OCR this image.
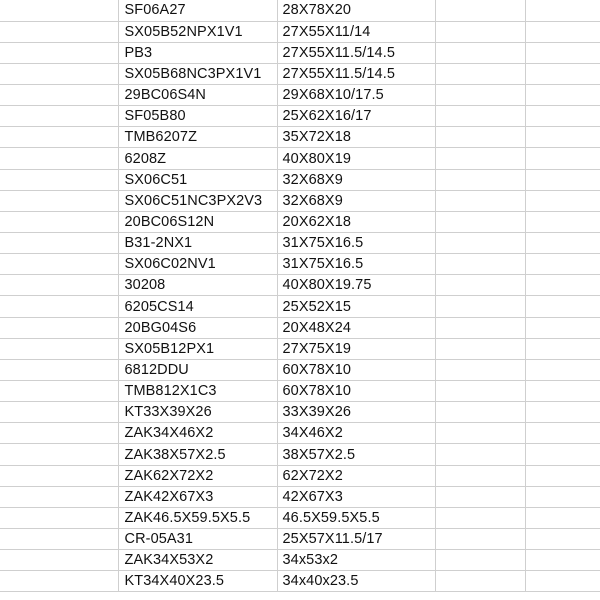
	SF06A27	28X78X20		
	SX05B52NPX1V1	27X55X11/14		
	PB3	27X55X11.5/14.5		
	SX05B68NC3PX1V1	27X55X11.5/14.5		
	29BC06S4N	29X68X10/17.5		
	SF05B80	25X62X16/17		
	TMB6207Z	35X72X18		
	6208Z	40X80X19		
	SX06C51	32X68X9		
	SX06C51NC3PX2V3	32X68X9		
	20BC06S12N	20X62X18		
	B31-2NX1	31X75X16.5		
	SX06C02NV1	31X75X16.5		
	30208	40X80X19.75		
	6205CS14	25X52X15		
	20BG04S6	20X48X24		
	SX05B12PX1	27X75X19		
	6812DDU	60X78X10		
	TMB812X1C3	60X78X10		
	KT33X39X26	33X39X26		
	ZAK34X46X2	34X46X2		
	ZAK38X57X2.5	38X57X2.5		
	ZAK62X72X2	62X72X2		
	ZAK42X67X3	42X67X3		
	ZAK46.5X59.5X5.5	46.5X59.5X5.5		
	CR-05A31	25X57X11.5/17		
	ZAK34X53X2	34x53x2		
	KT34X40X23.5	34x40x23.5		
